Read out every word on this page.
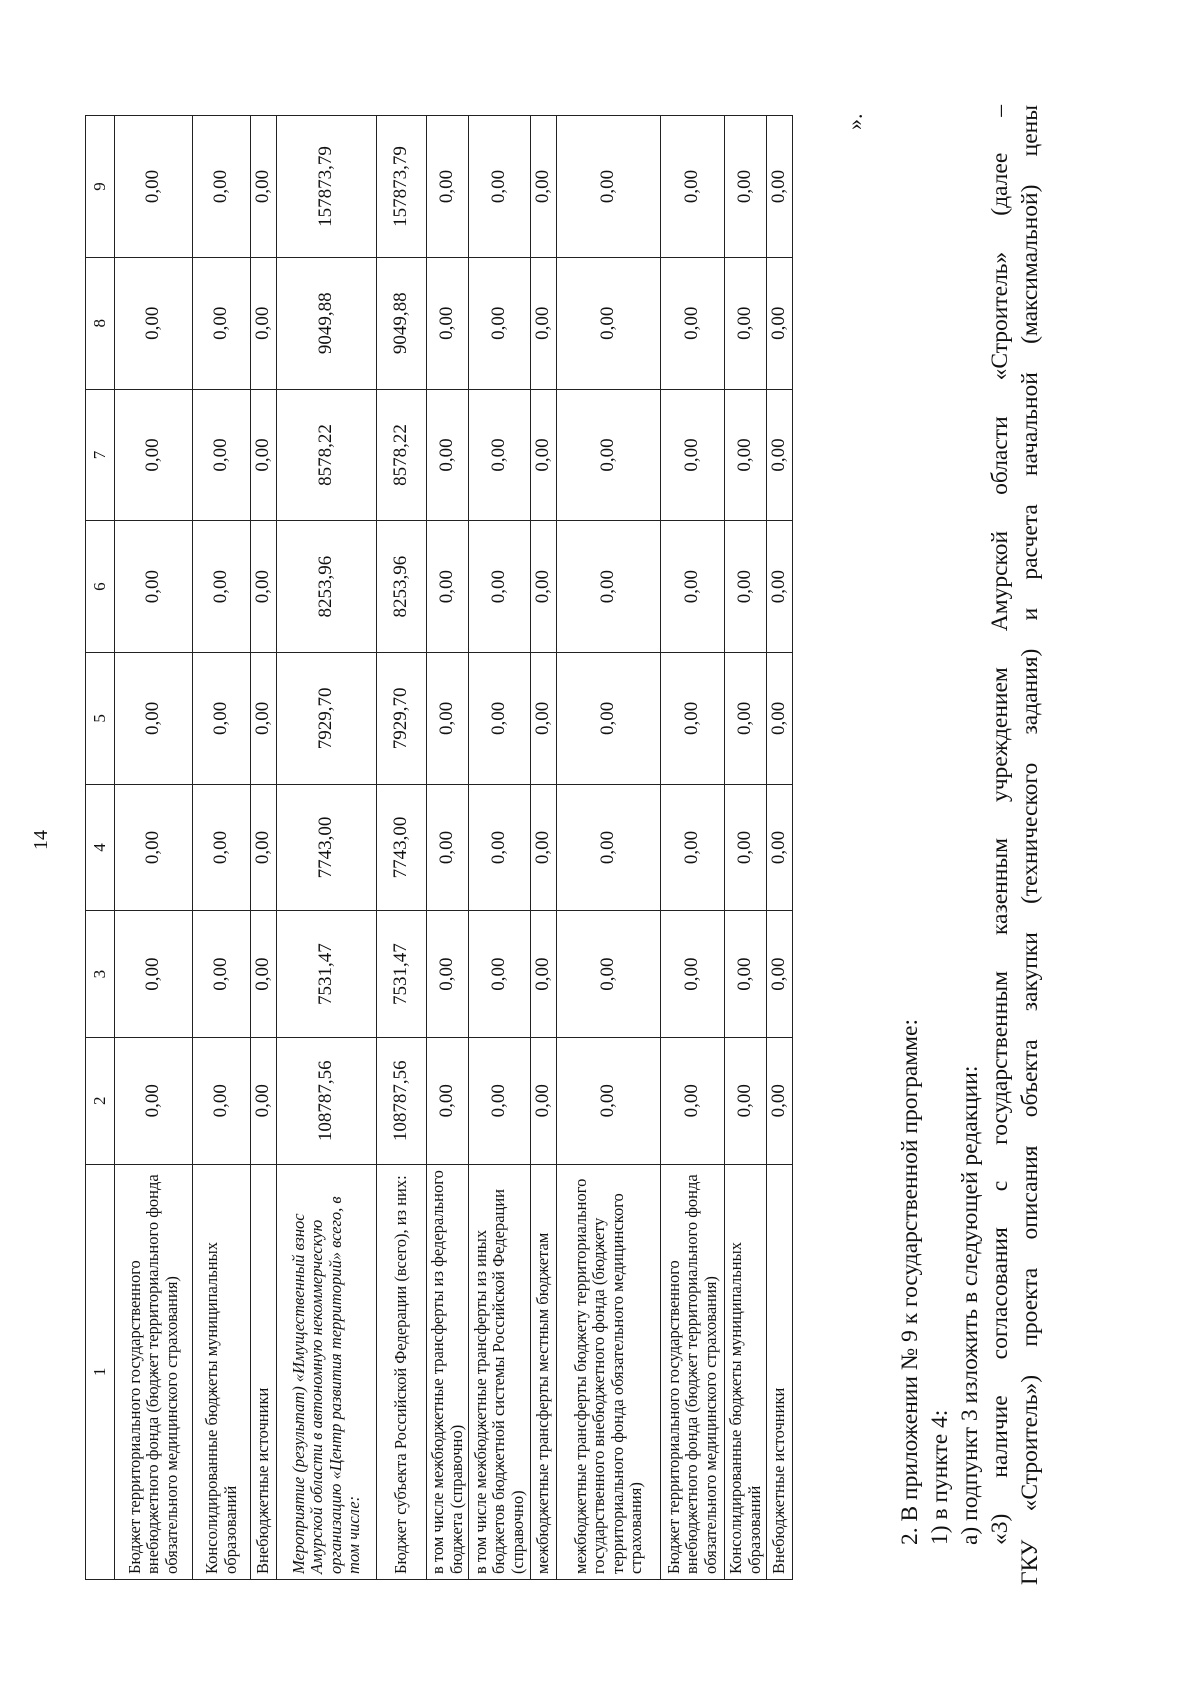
14
1	2	3	4	5	6	7	8	9
Бюджет территориального государственного внебюджетного фонда (бюджет территориального фонда обязательного медицинского страхования)	0,00	0,00	0,00	0,00	0,00	0,00	0,00	0,00
Консолидированные бюджеты муниципальных образований	0,00	0,00	0,00	0,00	0,00	0,00	0,00	0,00
Внебюджетные источники	0,00	0,00	0,00	0,00	0,00	0,00	0,00	0,00
Мероприятие (результат) «Имущественный взнос Амурской области в автономную некоммерческую организацию «Центр развития территорий» всего, в том числе:	108787,56	7531,47	7743,00	7929,70	8253,96	8578,22	9049,88	157873,79
Бюджет субъекта Российской Федерации (всего), из них:	108787,56	7531,47	7743,00	7929,70	8253,96	8578,22	9049,88	157873,79
в том числе межбюджетные трансферты из федерального бюджета (справочно)	0,00	0,00	0,00	0,00	0,00	0,00	0,00	0,00
в том числе межбюджетные трансферты из иных бюджетов бюджетной системы Российской Федерации (справочно)	0,00	0,00	0,00	0,00	0,00	0,00	0,00	0,00
межбюджетные трансферты местным бюджетам	0,00	0,00	0,00	0,00	0,00	0,00	0,00	0,00
межбюджетные трансферты бюджету территориального государственного внебюджетного фонда (бюджету территориального фонда обязательного медицинского страхования)	0,00	0,00	0,00	0,00	0,00	0,00	0,00	0,00
Бюджет территориального государственного внебюджетного фонда (бюджет территориального фонда обязательного медицинского страхования)	0,00	0,00	0,00	0,00	0,00	0,00	0,00	0,00
Консолидированные бюджеты муниципальных образований	0,00	0,00	0,00	0,00	0,00	0,00	0,00	0,00
Внебюджетные источники	0,00	0,00	0,00	0,00	0,00	0,00	0,00	0,00
».

2. В приложении № 9 к государственной программе: 1) в пункте 4: а) подпункт 3 изложить в следующей редакции: «3) наличие согласования с государственным казенным учреждением Амурской области «Строитель» (далее – ГКУ «Строитель») проекта описания объекта закупки (технического задания) и расчета начальной (максимальной) цены
